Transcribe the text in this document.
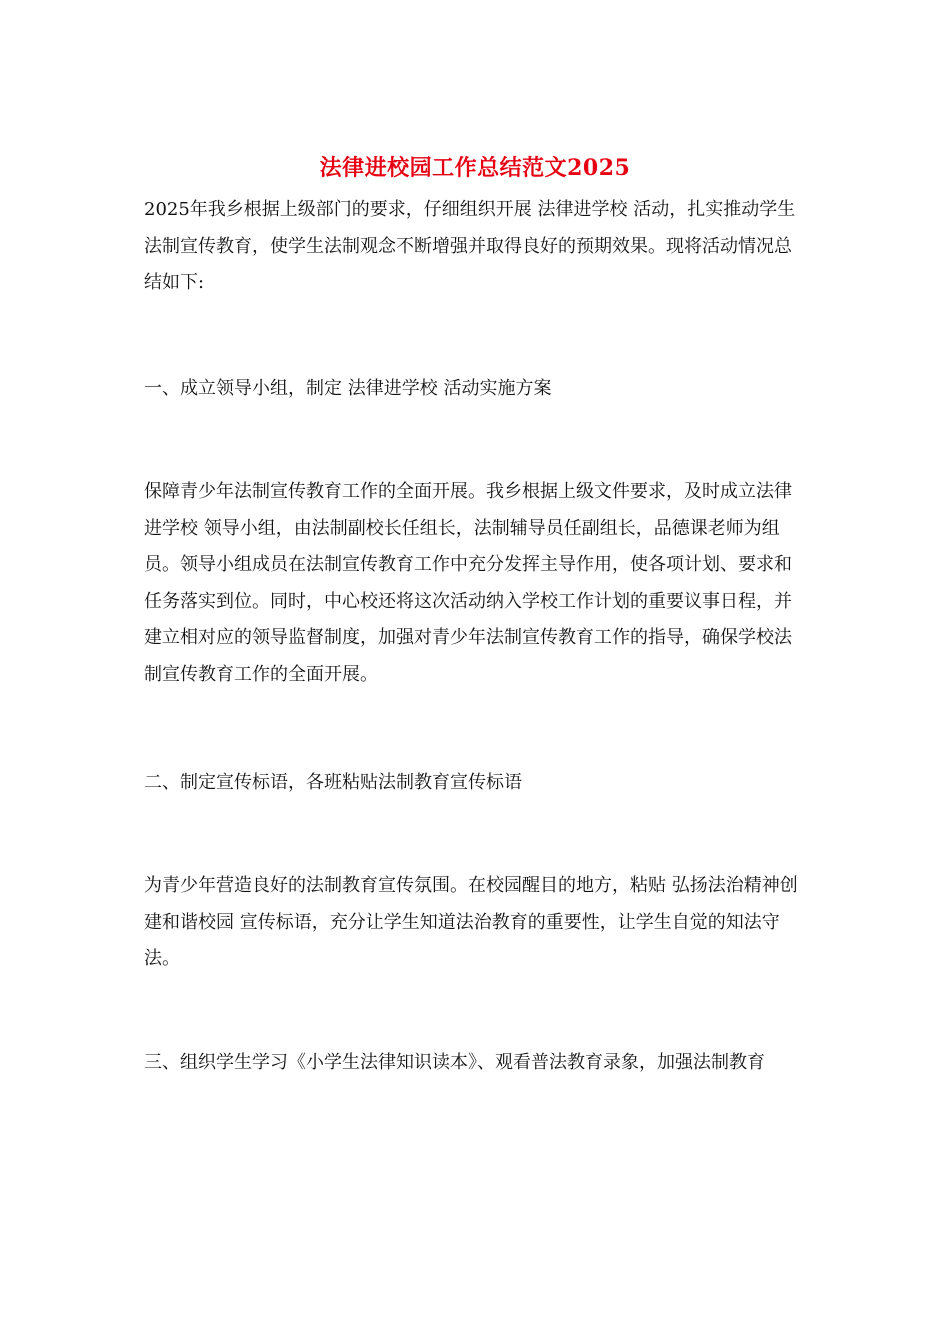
法律进校园工作总结范文2025

2025年我乡根据上级部门的要求，仔细组织开展 法律进学校 活动，扎实推动学生法制宣传教育，使学生法制观念不断增强并取得良好的预期效果。现将活动情况总结如下:

一、成立领导小组，制定 法律进学校 活动实施方案

保障青少年法制宣传教育工作的全面开展。我乡根据上级文件要求，及时成立法律进学校 领导小组，由法制副校长任组长，法制辅导员任副组长，品德课老师为组员。领导小组成员在法制宣传教育工作中充分发挥主导作用，使各项计划、要求和任务落实到位。同时，中心校还将这次活动纳入学校工作计划的重要议事日程，并建立相对应的领导监督制度，加强对青少年法制宣传教育工作的指导，确保学校法制宣传教育工作的全面开展。

二、制定宣传标语，各班粘贴法制教育宣传标语

为青少年营造良好的法制教育宣传氛围。在校园醒目的地方，粘贴 弘扬法治精神创建和谐校园 宣传标语，充分让学生知道法治教育的重要性，让学生自觉的知法守法。

三、组织学生学习《小学生法律知识读本》、观看普法教育录象，加强法制教育
